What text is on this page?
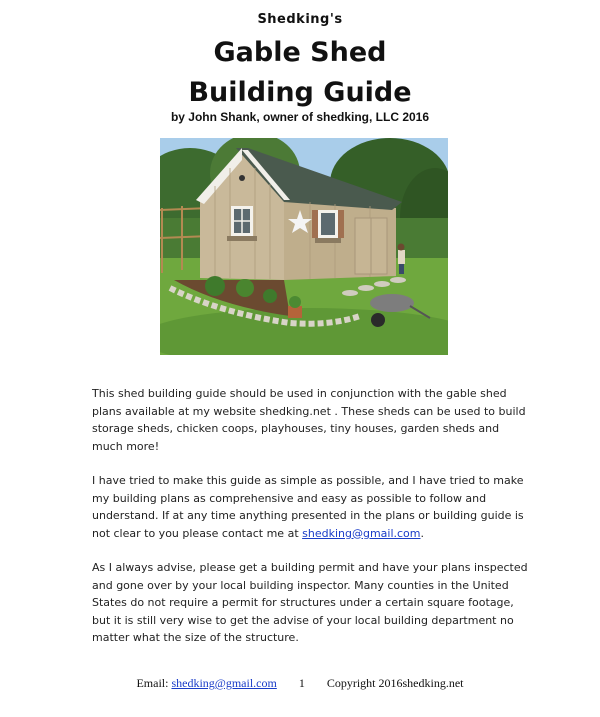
Shedking's
Gable Shed
Building Guide
by John Shank, owner of shedking, LLC 2016

This shed building guide should be used in conjunction with the gable shed plans available at my website shedking.net . These sheds can be used to build storage sheds, chicken coops, playhouses, tiny houses, garden sheds and much more!

I have tried to make this guide as simple as possible, and I have tried to make my building plans as comprehensive and easy as possible to follow and understand. If at any time anything presented in the plans or building guide is not clear to you please contact me at shedking@gmail.com.

As I always advise, please get a building permit and have your plans inspected and gone over by your local building inspector. Many counties in the United States do not require a permit for structures under a certain square footage, but it is still very wise to get the advise of your local building department no matter what the size of the structure.

Email: shedking@gmail.com 1 Copyright 2016shedking.net
